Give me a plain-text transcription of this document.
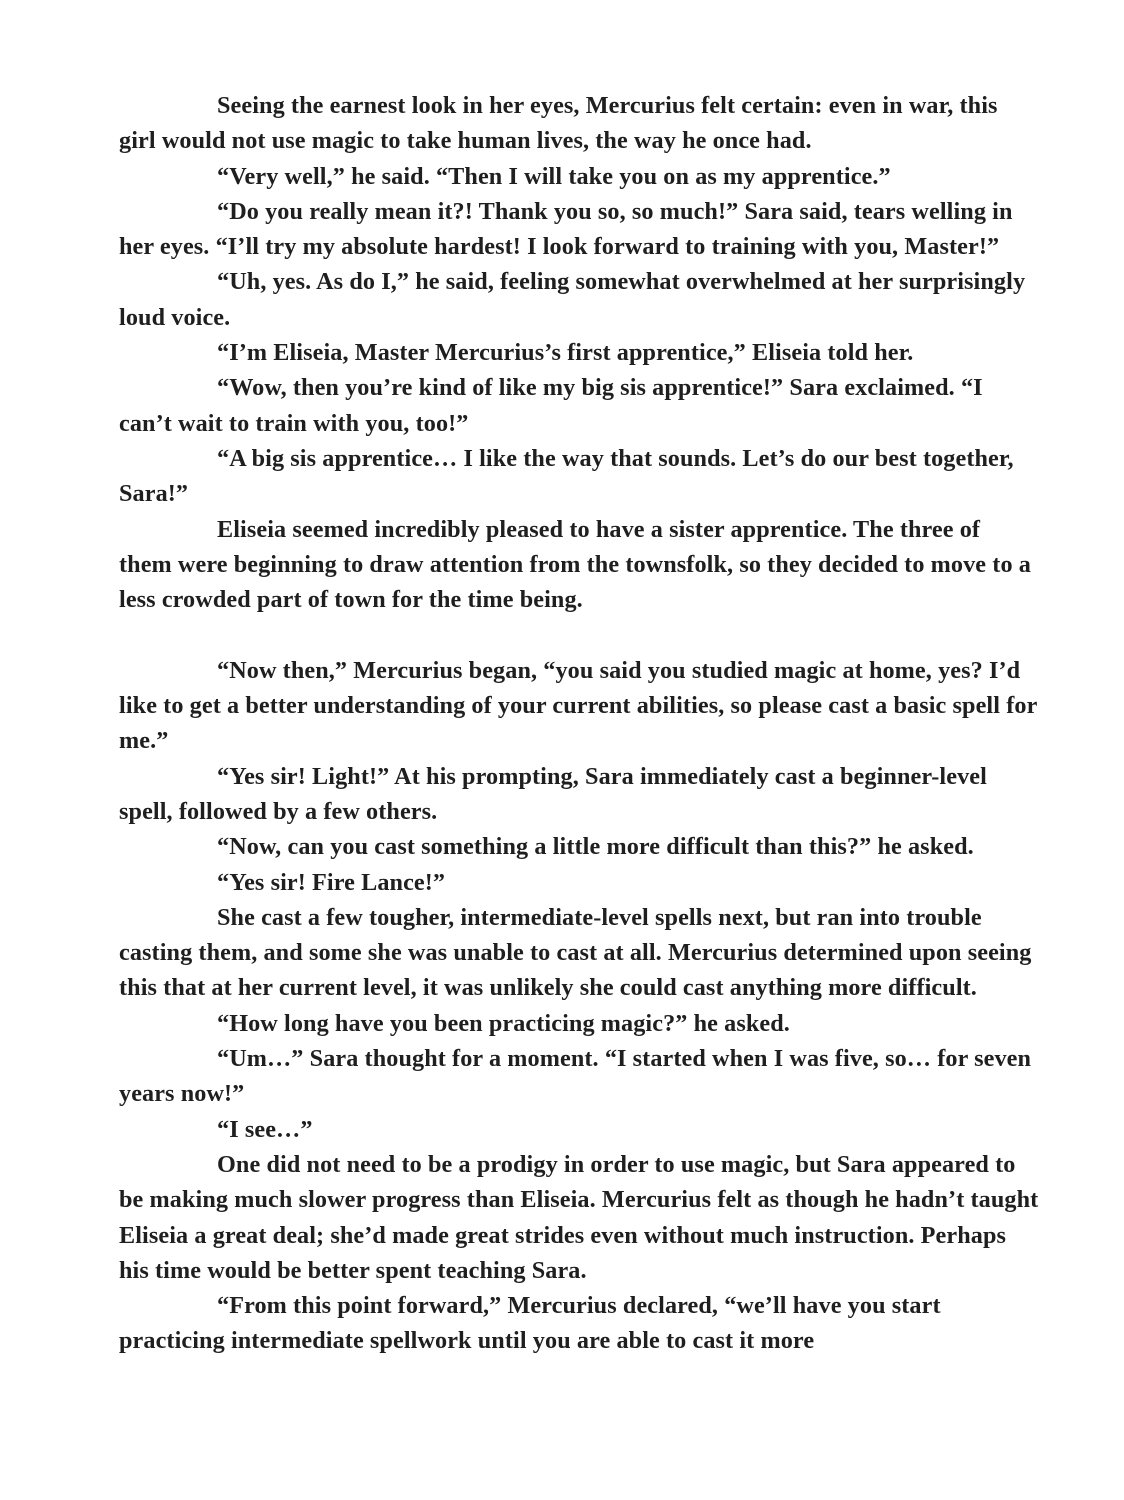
Seeing the earnest look in her eyes, Mercurius felt certain: even in war, this girl would not use magic to take human lives, the way he once had.

“Very well,” he said. “Then I will take you on as my apprentice.”

“Do you really mean it?! Thank you so, so much!” Sara said, tears welling in her eyes. “I’ll try my absolute hardest! I look forward to training with you, Master!”

“Uh, yes. As do I,” he said, feeling somewhat overwhelmed at her surprisingly loud voice.

“I’m Eliseia, Master Mercurius’s first apprentice,” Eliseia told her.

“Wow, then you’re kind of like my big sis apprentice!” Sara exclaimed. “I can’t wait to train with you, too!”

“A big sis apprentice… I like the way that sounds. Let’s do our best together, Sara!”

Eliseia seemed incredibly pleased to have a sister apprentice. The three of them were beginning to draw attention from the townsfolk, so they decided to move to a less crowded part of town for the time being.

“Now then,” Mercurius began, “you said you studied magic at home, yes? I’d like to get a better understanding of your current abilities, so please cast a basic spell for me.”

“Yes sir! Light!” At his prompting, Sara immediately cast a beginner-level spell, followed by a few others.

“Now, can you cast something a little more difficult than this?” he asked.

“Yes sir! Fire Lance!”

She cast a few tougher, intermediate-level spells next, but ran into trouble casting them, and some she was unable to cast at all. Mercurius determined upon seeing this that at her current level, it was unlikely she could cast anything more difficult.

“How long have you been practicing magic?” he asked.

“Um…” Sara thought for a moment. “I started when I was five, so… for seven years now!”

“I see…”

One did not need to be a prodigy in order to use magic, but Sara appeared to be making much slower progress than Eliseia. Mercurius felt as though he hadn’t taught Eliseia a great deal; she’d made great strides even without much instruction. Perhaps his time would be better spent teaching Sara.

“From this point forward,” Mercurius declared, “we’ll have you start practicing intermediate spellwork until you are able to cast it more
